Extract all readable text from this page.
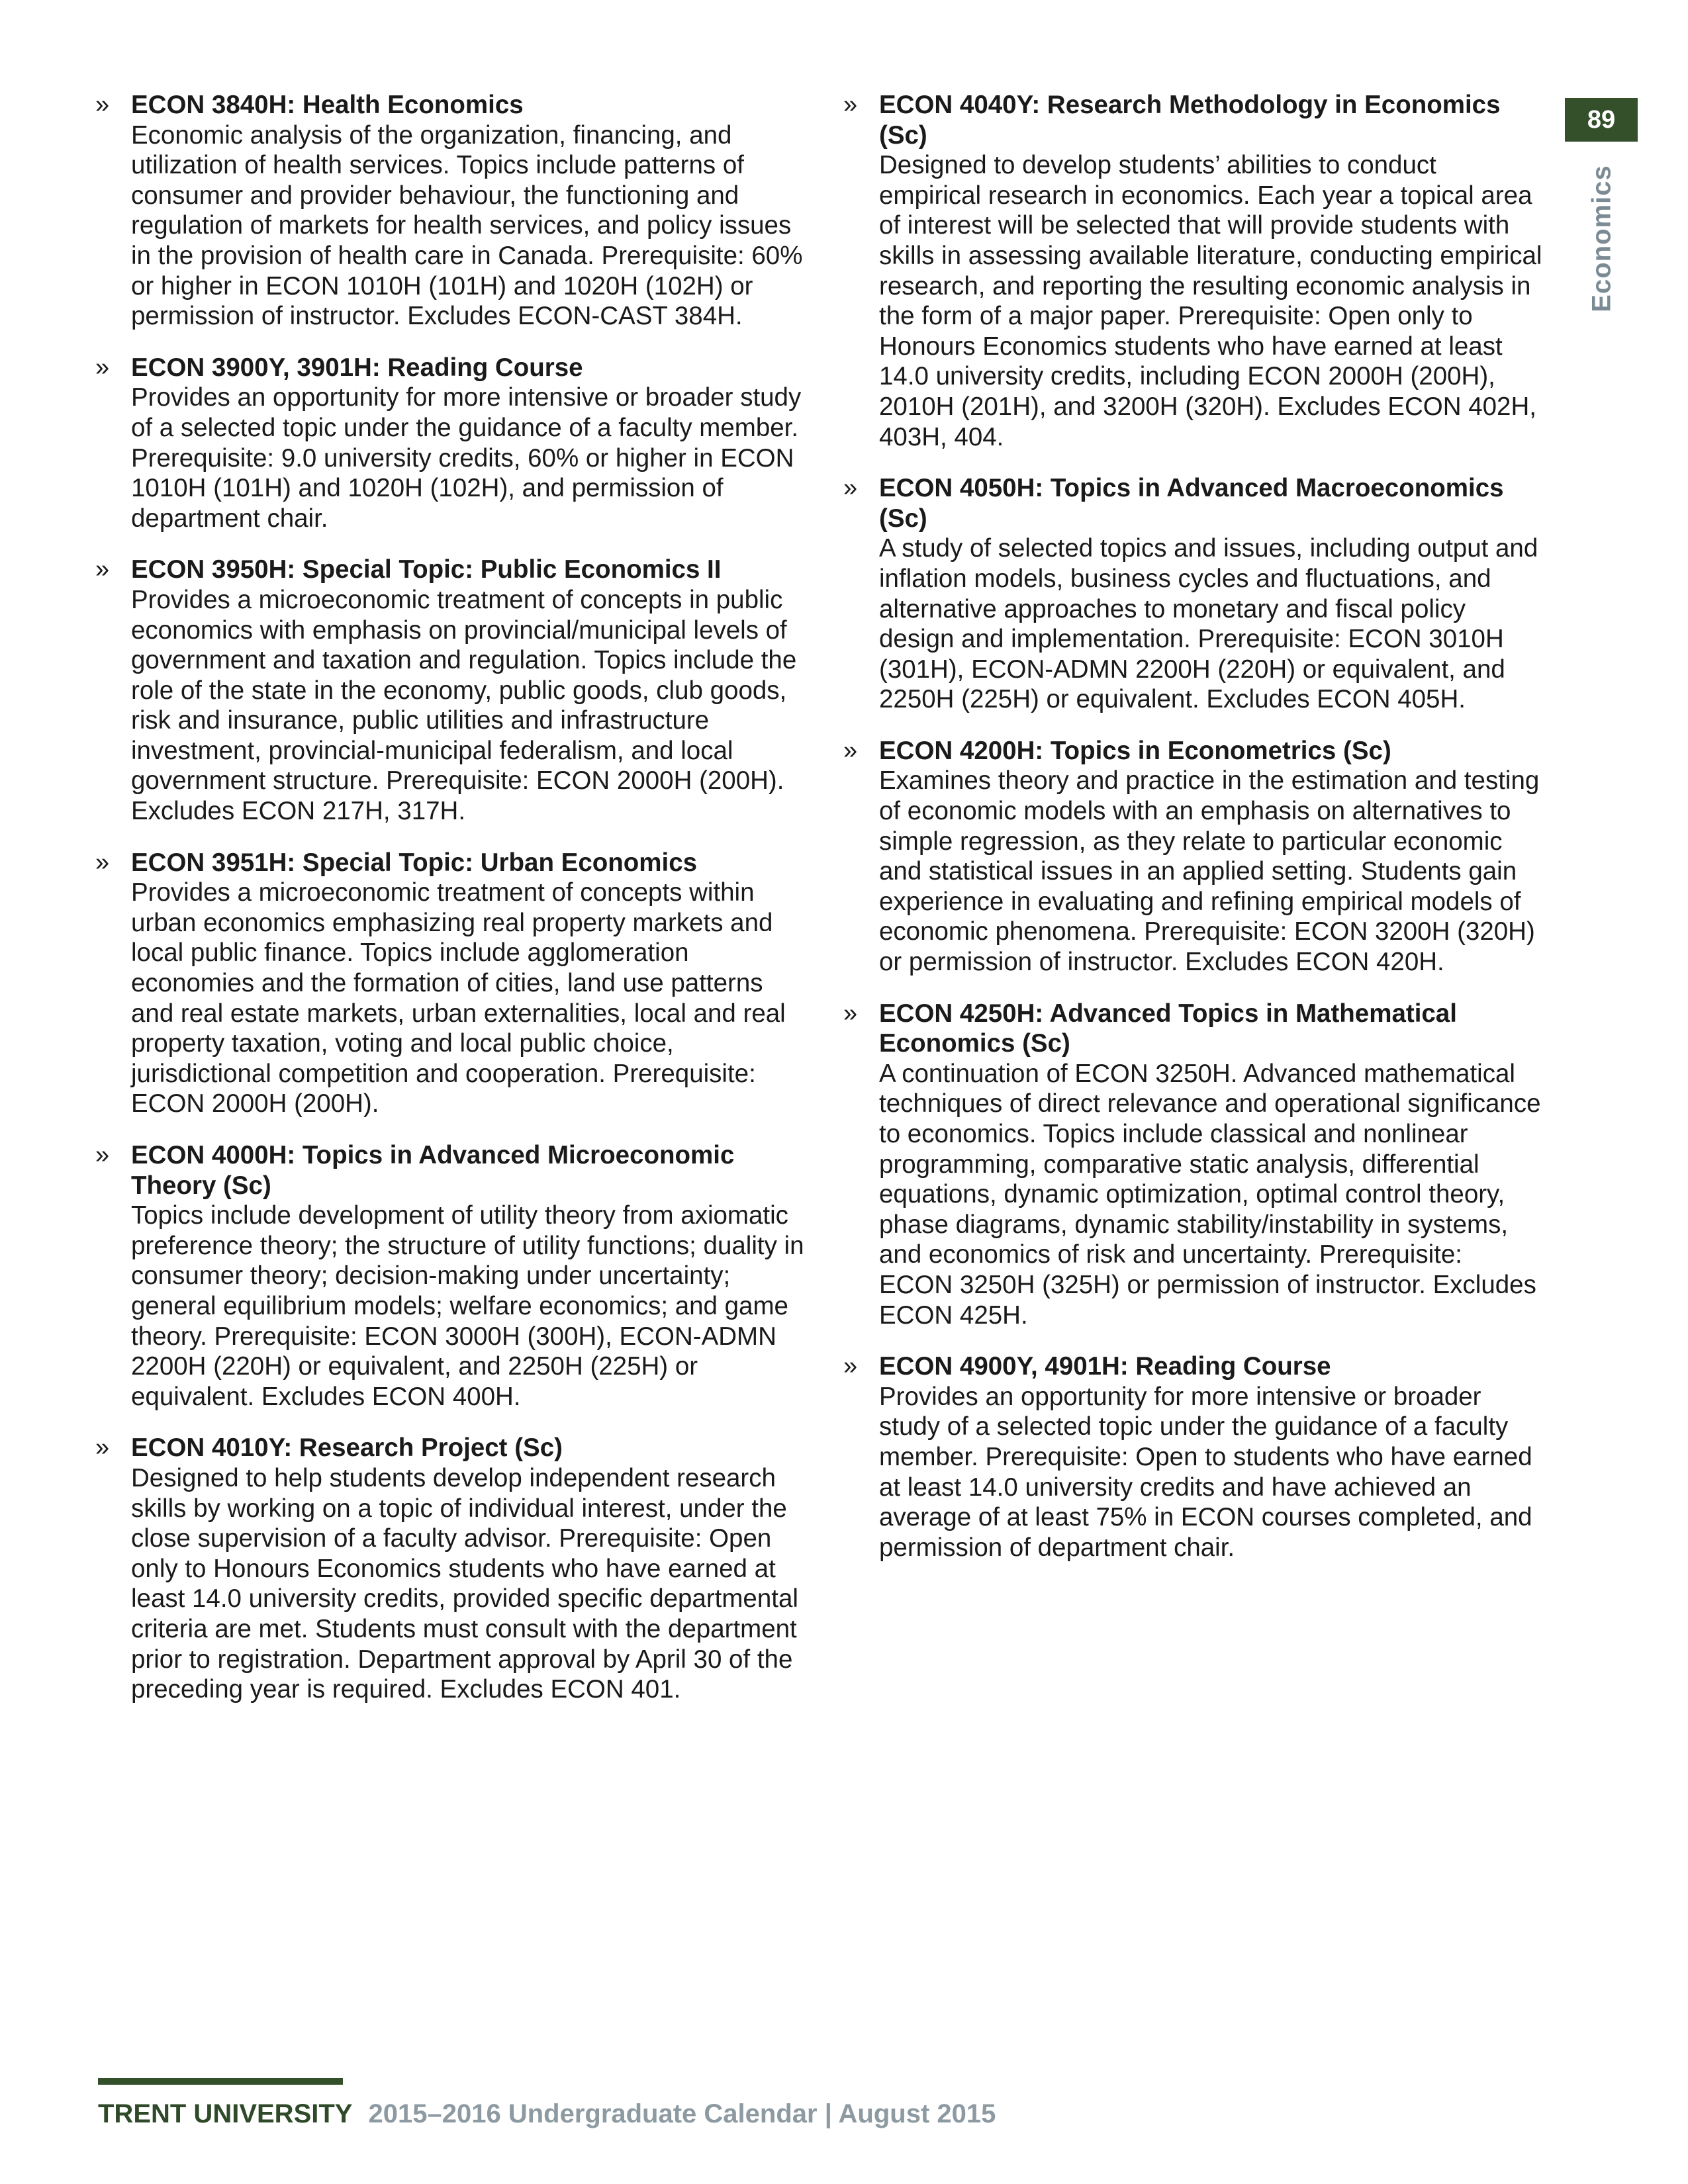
» ECON 3840H: Health Economics
Economic analysis of the organization, financing, and utilization of health services. Topics include patterns of consumer and provider behaviour, the functioning and regulation of markets for health services, and policy issues in the provision of health care in Canada. Prerequisite: 60% or higher in ECON 1010H (101H) and 1020H (102H) or permission of instructor. Excludes ECON-CAST 384H.
» ECON 3900Y, 3901H: Reading Course
Provides an opportunity for more intensive or broader study of a selected topic under the guidance of a faculty member. Prerequisite: 9.0 university credits, 60% or higher in ECON 1010H (101H) and 1020H (102H), and permission of department chair.
» ECON 3950H: Special Topic: Public Economics II
Provides a microeconomic treatment of concepts in public economics with emphasis on provincial/municipal levels of government and taxation and regulation. Topics include the role of the state in the economy, public goods, club goods, risk and insurance, public utilities and infrastructure investment, provincial-municipal federalism, and local government structure. Prerequisite: ECON 2000H (200H). Excludes ECON 217H, 317H.
» ECON 3951H: Special Topic: Urban Economics
Provides a microeconomic treatment of concepts within urban economics emphasizing real property markets and local public finance. Topics include agglomeration economies and the formation of cities, land use patterns and real estate markets, urban externalities, local and real property taxation, voting and local public choice, jurisdictional competition and cooperation. Prerequisite: ECON 2000H (200H).
» ECON 4000H: Topics in Advanced Microeconomic Theory (Sc)
Topics include development of utility theory from axiomatic preference theory; the structure of utility functions; duality in consumer theory; decision-making under uncertainty; general equilibrium models; welfare economics; and game theory. Prerequisite: ECON 3000H (300H), ECON-ADMN 2200H (220H) or equivalent, and 2250H (225H) or equivalent. Excludes ECON 400H.
» ECON 4010Y: Research Project (Sc)
Designed to help students develop independent research skills by working on a topic of individual interest, under the close supervision of a faculty advisor. Prerequisite: Open only to Honours Economics students who have earned at least 14.0 university credits, provided specific departmental criteria are met. Students must consult with the department prior to registration. Department approval by April 30 of the preceding year is required. Excludes ECON 401.
» ECON 4040Y: Research Methodology in Economics (Sc)
Designed to develop students’ abilities to conduct empirical research in economics. Each year a topical area of interest will be selected that will provide students with skills in assessing available literature, conducting empirical research, and reporting the resulting economic analysis in the form of a major paper. Prerequisite: Open only to Honours Economics students who have earned at least 14.0 university credits, including ECON 2000H (200H), 2010H (201H), and 3200H (320H). Excludes ECON 402H, 403H, 404.
» ECON 4050H: Topics in Advanced Macroeconomics (Sc)
A study of selected topics and issues, including output and inflation models, business cycles and fluctuations, and alternative approaches to monetary and fiscal policy design and implementation. Prerequisite: ECON 3010H (301H), ECON-ADMN 2200H (220H) or equivalent, and 2250H (225H) or equivalent. Excludes ECON 405H.
» ECON 4200H: Topics in Econometrics (Sc)
Examines theory and practice in the estimation and testing of economic models with an emphasis on alternatives to simple regression, as they relate to particular economic and statistical issues in an applied setting. Students gain experience in evaluating and refining empirical models of economic phenomena. Prerequisite: ECON 3200H (320H) or permission of instructor. Excludes ECON 420H.
» ECON 4250H: Advanced Topics in Mathematical Economics (Sc)
A continuation of ECON 3250H. Advanced mathematical techniques of direct relevance and operational significance to economics. Topics include classical and nonlinear programming, comparative static analysis, differential equations, dynamic optimization, optimal control theory, phase diagrams, dynamic stability/instability in systems, and economics of risk and uncertainty. Prerequisite: ECON 3250H (325H) or permission of instructor. Excludes ECON 425H.
» ECON 4900Y, 4901H: Reading Course
Provides an opportunity for more intensive or broader study of a selected topic under the guidance of a faculty member. Prerequisite: Open to students who have earned at least 14.0 university credits and have achieved an average of at least 75% in ECON courses completed, and permission of department chair.
89
Economics
TRENT UNIVERSITY 2015–2016 Undergraduate Calendar | August 2015
